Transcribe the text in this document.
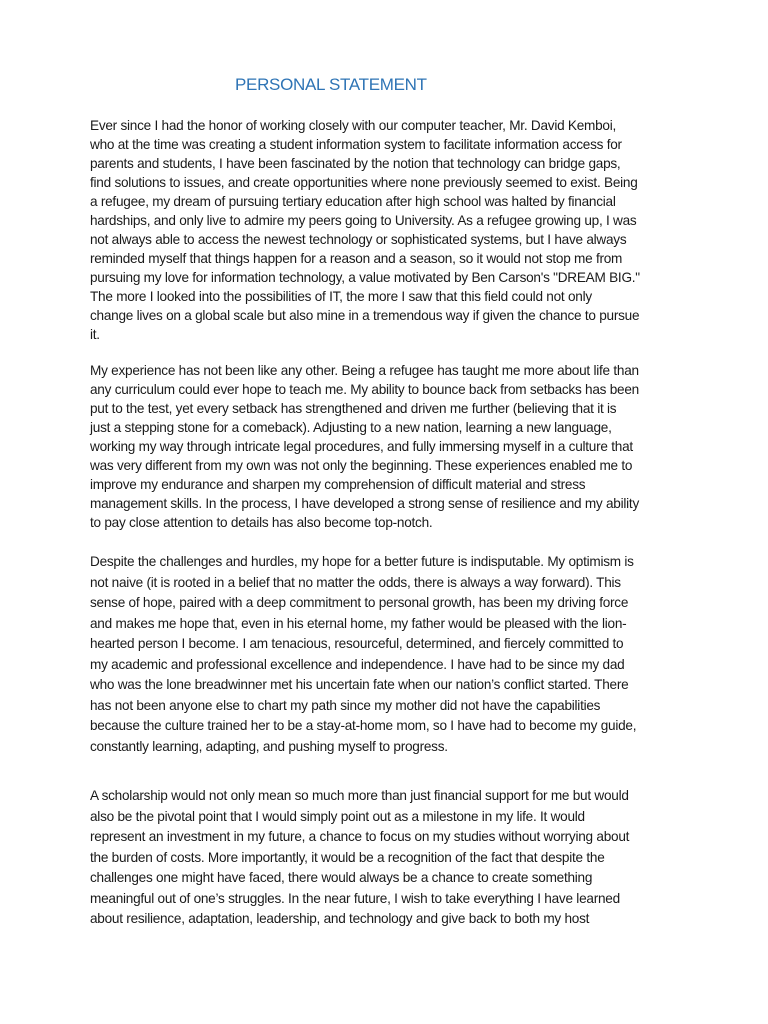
PERSONAL STATEMENT
Ever since I had the honor of working closely with our computer teacher, Mr. David Kemboi,
who at the time was creating a student information system to facilitate information access for
parents and students, I have been fascinated by the notion that technology can bridge gaps,
find solutions to issues, and create opportunities where none previously seemed to exist. Being
a refugee, my dream of pursuing tertiary education after high school was halted by financial
hardships, and only live to admire my peers going to University. As a refugee growing up, I was
not always able to access the newest technology or sophisticated systems, but I have always
reminded myself that things happen for a reason and a season, so it would not stop me from
pursuing my love for information technology, a value motivated by Ben Carson's "DREAM BIG."
The more I looked into the possibilities of IT, the more I saw that this field could not only
change lives on a global scale but also mine in a tremendous way if given the chance to pursue
it.
My experience has not been like any other. Being a refugee has taught me more about life than
any curriculum could ever hope to teach me. My ability to bounce back from setbacks has been
put to the test, yet every setback has strengthened and driven me further (believing that it is
just a stepping stone for a comeback). Adjusting to a new nation, learning a new language,
working my way through intricate legal procedures, and fully immersing myself in a culture that
was very different from my own was not only the beginning. These experiences enabled me to
improve my endurance and sharpen my comprehension of difficult material and stress
management skills. In the process, I have developed a strong sense of resilience and my ability
to pay close attention to details has also become top-notch.
Despite the challenges and hurdles, my hope for a better future is indisputable. My optimism is
not naive (it is rooted in a belief that no matter the odds, there is always a way forward). This
sense of hope, paired with a deep commitment to personal growth, has been my driving force
and makes me hope that, even in his eternal home, my father would be pleased with the lion-
hearted person I become. I am tenacious, resourceful, determined, and fiercely committed to
my academic and professional excellence and independence. I have had to be since my dad
who was the lone breadwinner met his uncertain fate when our nation’s conflict started. There
has not been anyone else to chart my path since my mother did not have the capabilities
because the culture trained her to be a stay-at-home mom, so I have had to become my guide,
constantly learning, adapting, and pushing myself to progress.
A scholarship would not only mean so much more than just financial support for me but would
also be the pivotal point that I would simply point out as a milestone in my life. It would
represent an investment in my future, a chance to focus on my studies without worrying about
the burden of costs. More importantly, it would be a recognition of the fact that despite the
challenges one might have faced, there would always be a chance to create something
meaningful out of one’s struggles. In the near future, I wish to take everything I have learned
about resilience, adaptation, leadership, and technology and give back to both my host
